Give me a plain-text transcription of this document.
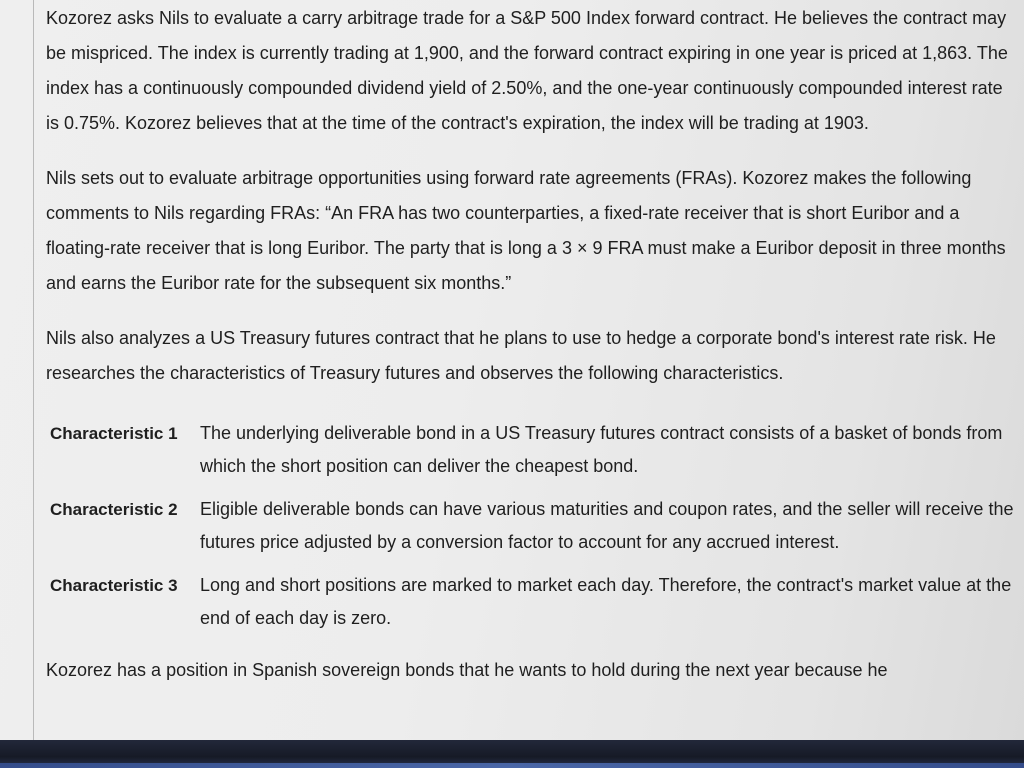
Kozorez asks Nils to evaluate a carry arbitrage trade for a S&P 500 Index forward contract. He believes the contract may be mispriced. The index is currently trading at 1,900, and the forward contract expiring in one year is priced at 1,863. The index has a continuously compounded dividend yield of 2.50%, and the one-year continuously compounded interest rate is 0.75%. Kozorez believes that at the time of the contract's expiration, the index will be trading at 1903.

Nils sets out to evaluate arbitrage opportunities using forward rate agreements (FRAs). Kozorez makes the following comments to Nils regarding FRAs: “An FRA has two counterparties, a fixed-rate receiver that is short Euribor and a floating-rate receiver that is long Euribor. The party that is long a 3 × 9 FRA must make a Euribor deposit in three months and earns the Euribor rate for the subsequent six months.”

Nils also analyzes a US Treasury futures contract that he plans to use to hedge a corporate bond's interest rate risk. He researches the characteristics of Treasury futures and observes the following characteristics.

Characteristic 1	The underlying deliverable bond in a US Treasury futures contract consists of a basket of bonds from which the short position can deliver the cheapest bond.
Characteristic 2	Eligible deliverable bonds can have various maturities and coupon rates, and the seller will receive the futures price adjusted by a conversion factor to account for any accrued interest.
Characteristic 3	Long and short positions are marked to market each day. Therefore, the contract's market value at the end of each day is zero.

Kozorez has a position in Spanish sovereign bonds that he wants to hold during the next year because he
